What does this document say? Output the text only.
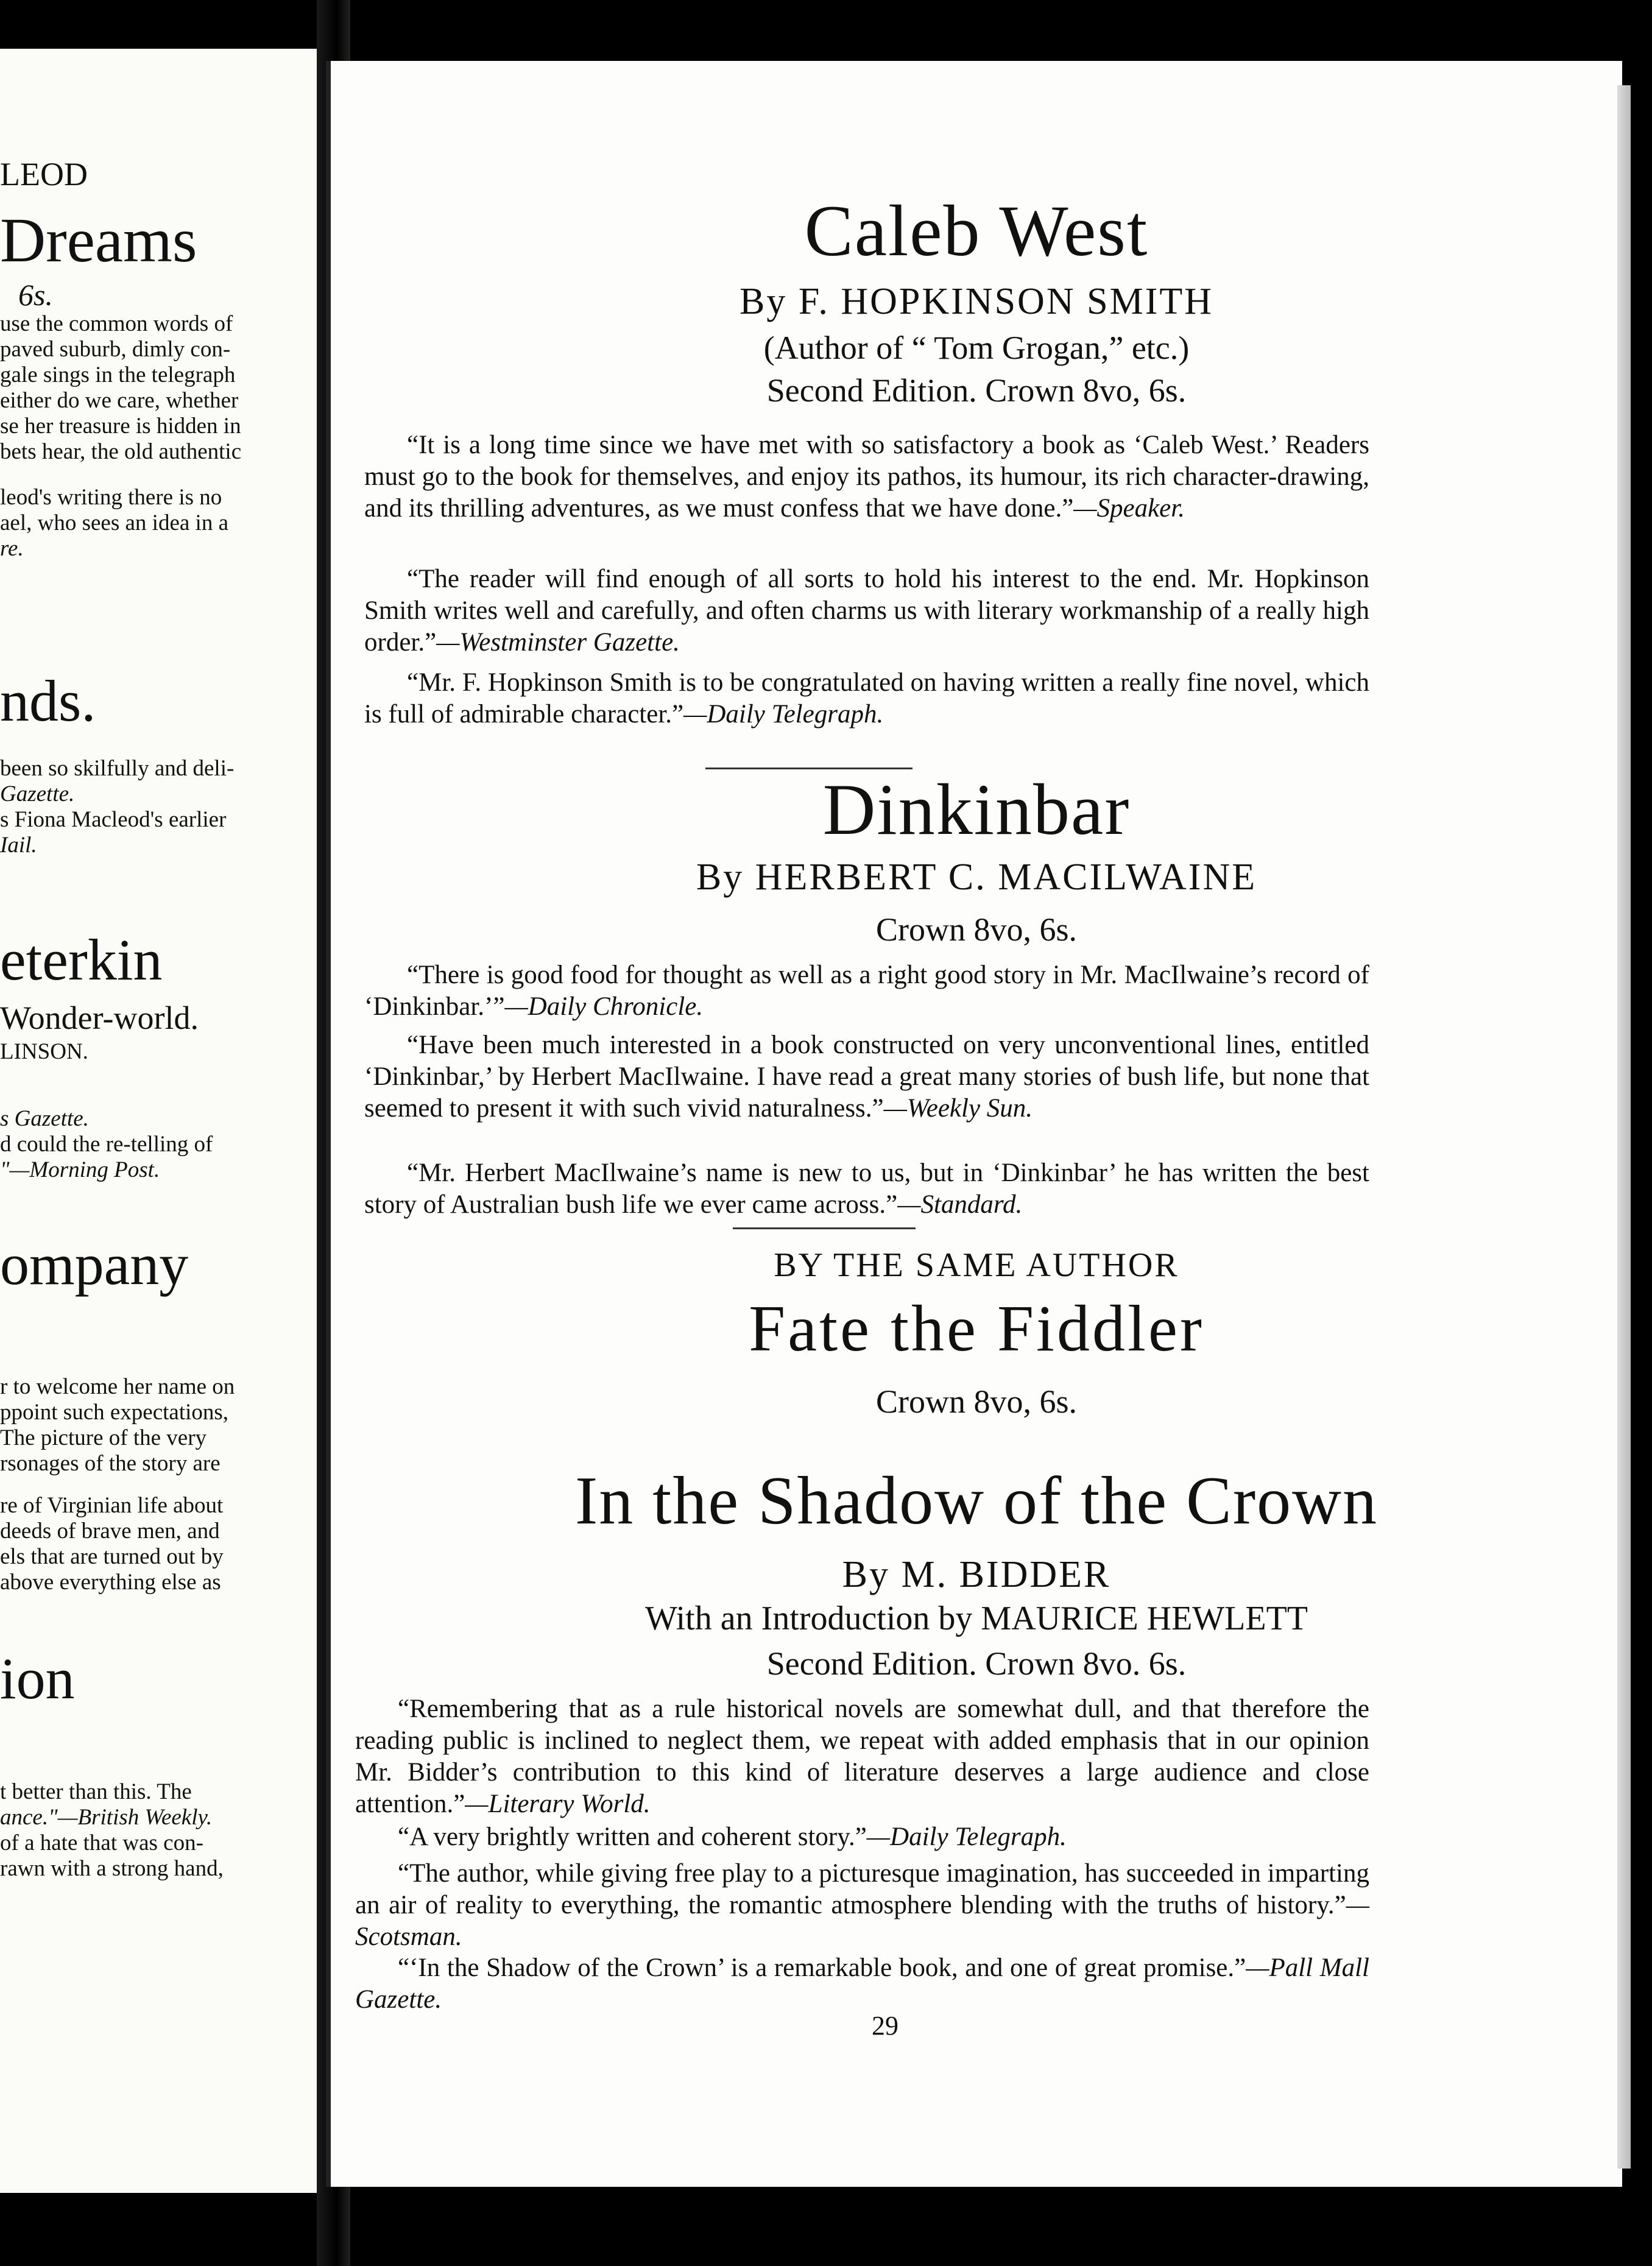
LEOD
Dreams
6s.
use the common words of
paved suburb, dimly con-
gale sings in the telegraph
either do we care, whether
se her treasure is hidden in
bets hear, the old authentic
leod's writing there is no
ael, who sees an idea in a
re.
nds.
been so skilfully and deli-
Gazette.
s Fiona Macleod's earlier
Iail.
eterkin
Wonder-world.
LINSON.
s Gazette.
d could the re-telling of
"—Morning Post.
ompany
r to welcome her name on
ppoint such expectations,
The picture of the very
rsonages of the story are
re of Virginian life about
deeds of brave men, and
els that are turned out by
above everything else as
ion
t better than this. The
ance."—British Weekly.
of a hate that was con-
rawn with a strong hand,
Caleb West
By F. HOPKINSON SMITH
(Author of “ Tom Grogan,” etc.)
Second Edition. Crown 8vo, 6s.
“It is a long time since we have met with so satisfactory a book as ‘Caleb West.’ Readers must go to the book for themselves, and enjoy its pathos, its humour, its rich character-drawing, and its thrilling adventures, as we must confess that we have done.”—Speaker.
“The reader will find enough of all sorts to hold his interest to the end. Mr. Hopkinson Smith writes well and carefully, and often charms us with literary workmanship of a really high order.”—Westminster Gazette.
“Mr. F. Hopkinson Smith is to be congratulated on having written a really fine novel, which is full of admirable character.”—Daily Telegraph.
Dinkinbar
By HERBERT C. MACILWAINE
Crown 8vo, 6s.
“There is good food for thought as well as a right good story in Mr. MacIlwaine’s record of ‘Dinkinbar.’”—Daily Chronicle.
“Have been much interested in a book constructed on very unconventional lines, entitled ‘Dinkinbar,’ by Herbert MacIlwaine. I have read a great many stories of bush life, but none that seemed to present it with such vivid naturalness.”—Weekly Sun.
“Mr. Herbert MacIlwaine’s name is new to us, but in ‘Dinkinbar’ he has written the best story of Australian bush life we ever came across.”—Standard.
BY THE SAME AUTHOR
Fate the Fiddler
Crown 8vo, 6s.
In the Shadow of the Crown
By M. BIDDER
With an Introduction by MAURICE HEWLETT
Second Edition. Crown 8vo. 6s.
“Remembering that as a rule historical novels are somewhat dull, and that therefore the reading public is inclined to neglect them, we repeat with added emphasis that in our opinion Mr. Bidder’s contribution to this kind of literature deserves a large audience and close attention.”—Literary World.
“A very brightly written and coherent story.”—Daily Telegraph.
“The author, while giving free play to a picturesque imagination, has succeeded in imparting an air of reality to everything, the romantic atmosphere blending with the truths of history.”—Scotsman.
“‘In the Shadow of the Crown’ is a remarkable book, and one of great promise.”—Pall Mall Gazette.
29
